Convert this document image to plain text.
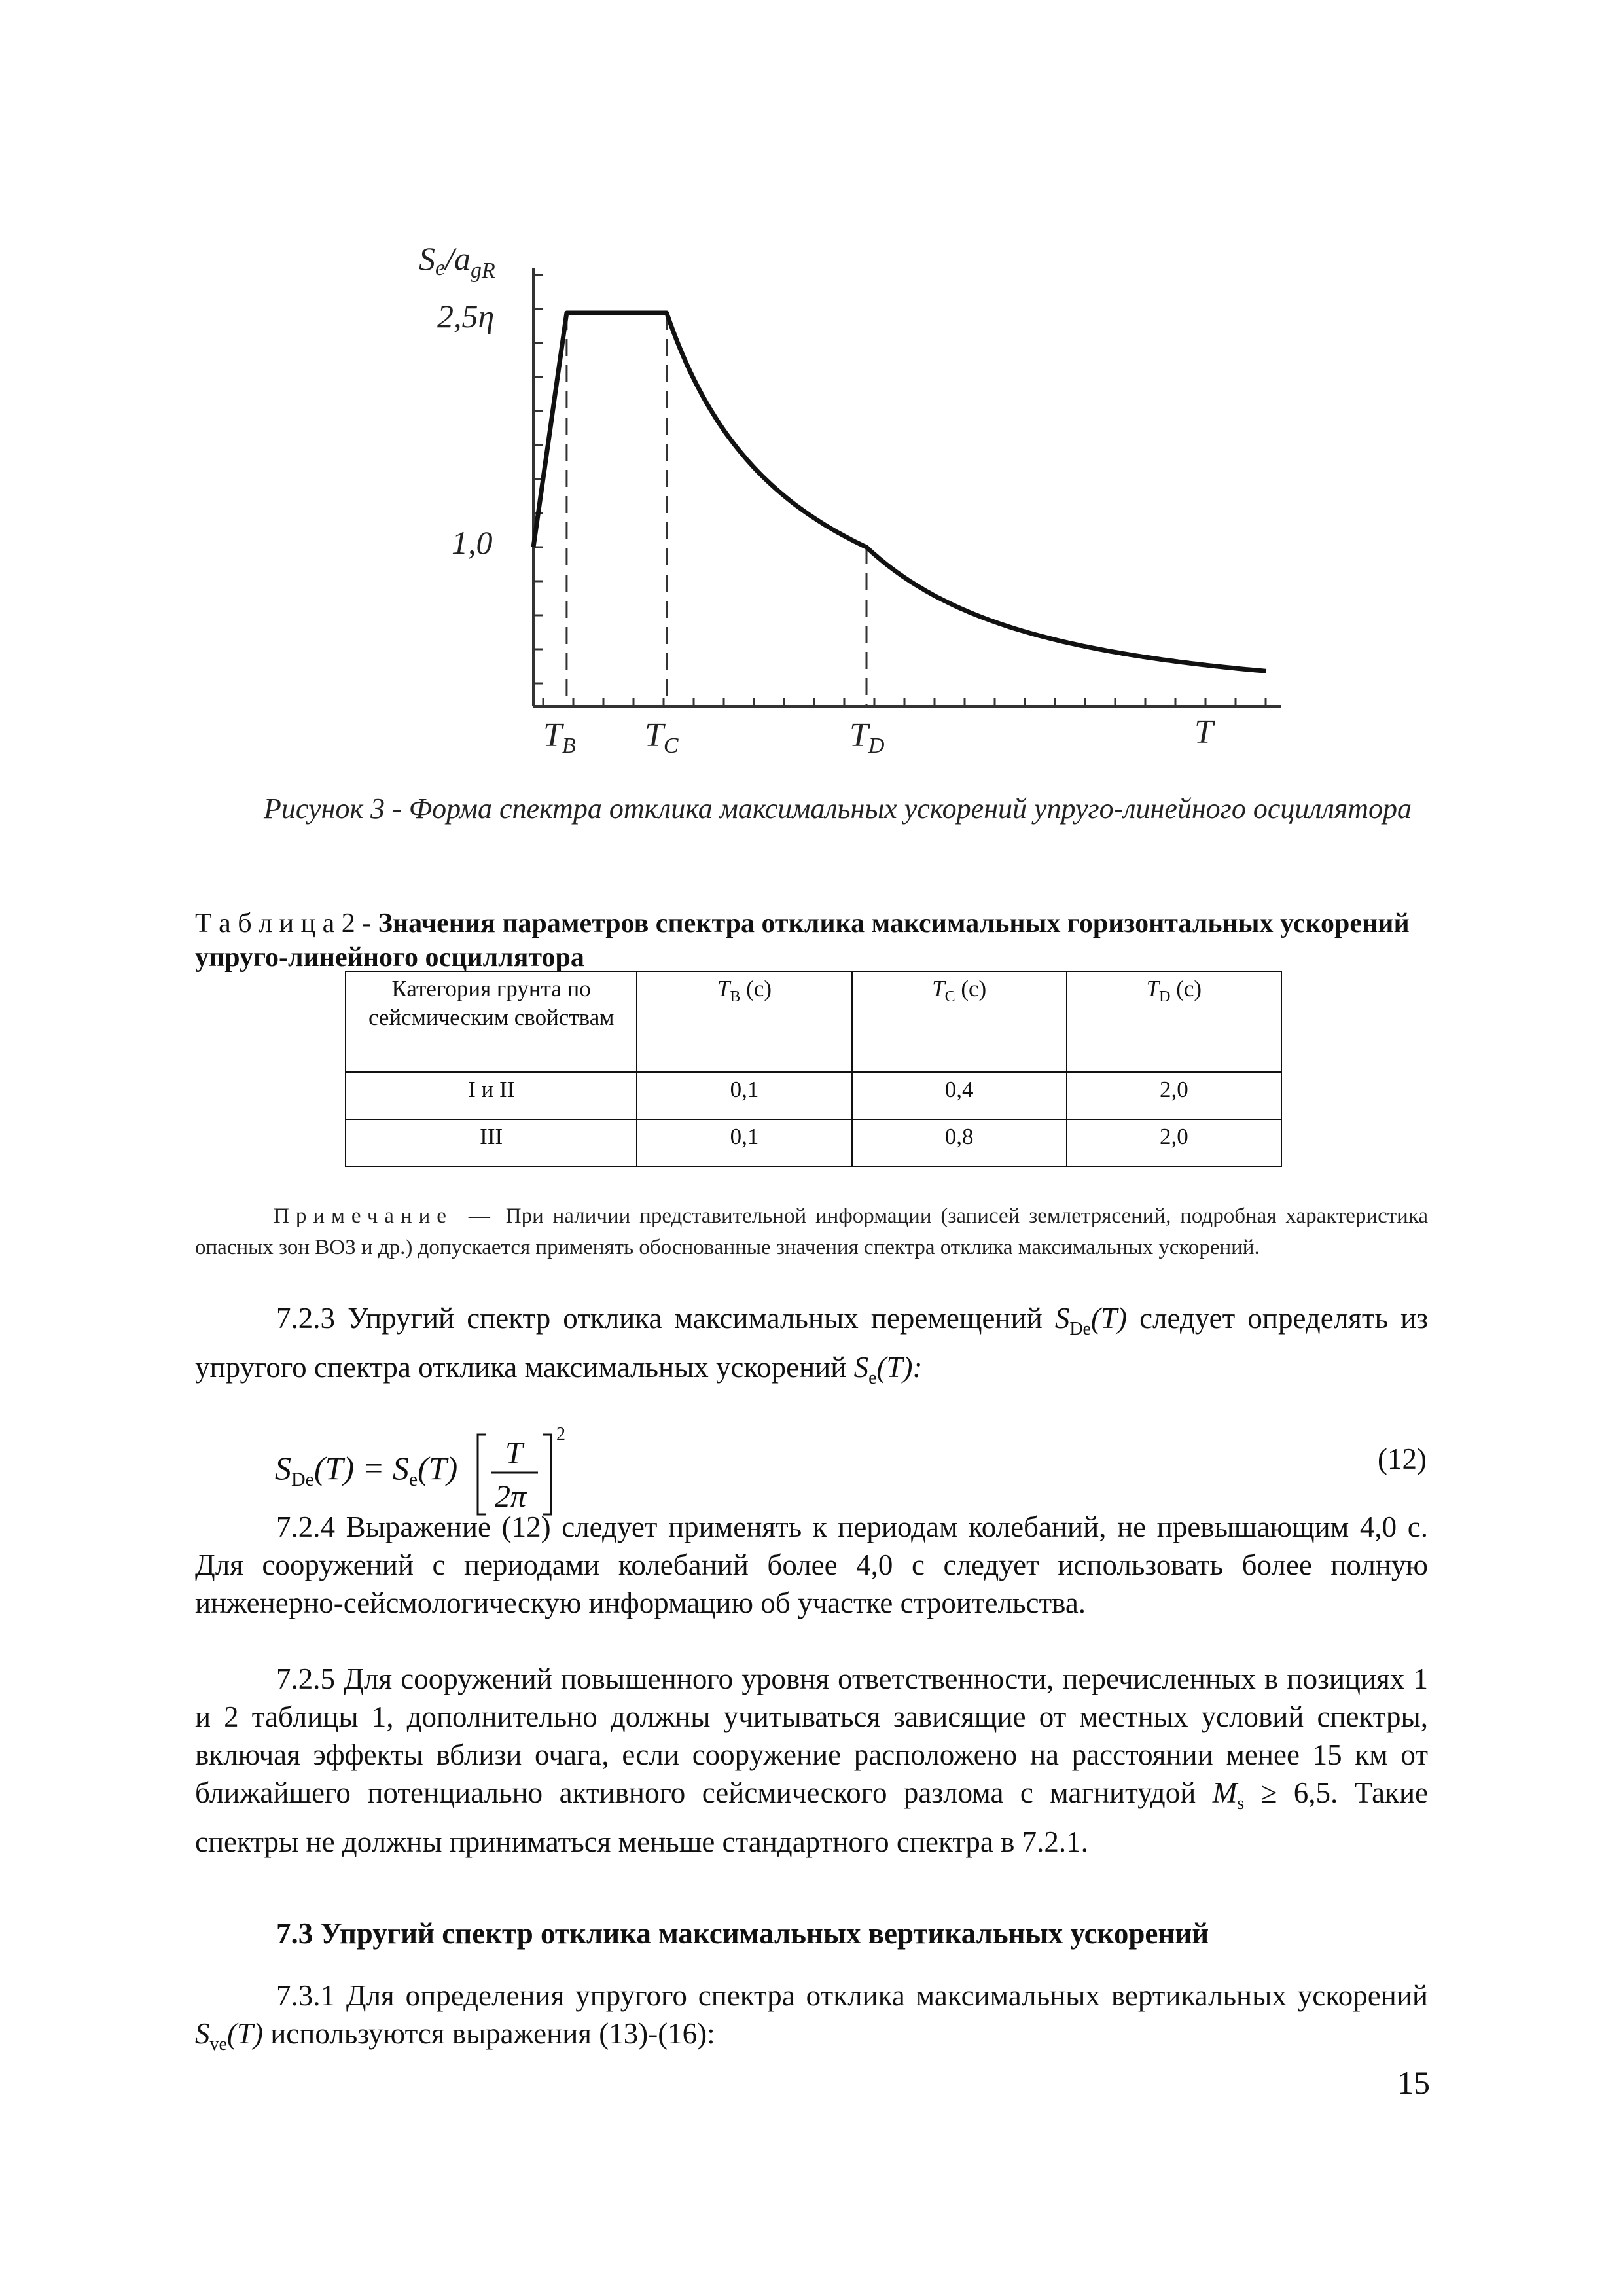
$Se/a_{gR}$
2,5η
1,0
TB TC	TD	T
Рисунок 3 - Форма спектра отклика максимальных ускорений упруго-линейного осциллятора
Т а б л и ц а 2 - Значения параметров спектра отклика максимальных горизонтальных ускорений упруго-линейного осциллятора
Категория грунта по сейсмическим свойствам	$T_B$ (с)	$T_C$ (с)	$T_D$ (с)
I и II	0,1	0,4	2,0
III	0,1	0,8	2,0
Примечание — При наличии представительной информации (записей землетрясений, подробная характеристика опасных зон ВОЗ и др.) допускается применять обоснованные значения спектра отклика максимальных ускорений.
7.2.3 Упругий спектр отклика максимальных перемещений $S_{De}(T)$ следует определять из упругого спектра отклика максимальных ускорений $S_e(T)$:
$S_{De}(T) = S_e(T)$ T
2π
2
(12)
7.2.4 Выражение (12) следует применять к периодам колебаний, не превышающим 4,0 с. Для сооружений с периодами колебаний более 4,0 с следует использовать более полную инженерно-сейсмологическую информацию об участке строительства.
7.2.5 Для сооружений повышенного уровня ответственности, перечисленных в позициях 1 и 2 таблицы 1, дополнительно должны учитываться зависящие от местных условий спектры, включая эффекты вблизи очага, если сооружение расположено на расстоянии менее 15 км от ближайшего потенциально активного сейсмического разлома с магнитудой $M_s \ge 6,5$. Такие спектры не должны приниматься меньше стандартного спектра в 7.2.1.
7.3 Упругий спектр отклика максимальных вертикальных ускорений
7.3.1 Для определения упругого спектра отклика максимальных вертикальных ускорений $S_{ve}(T)$ используются выражения (13)-(16):
15
